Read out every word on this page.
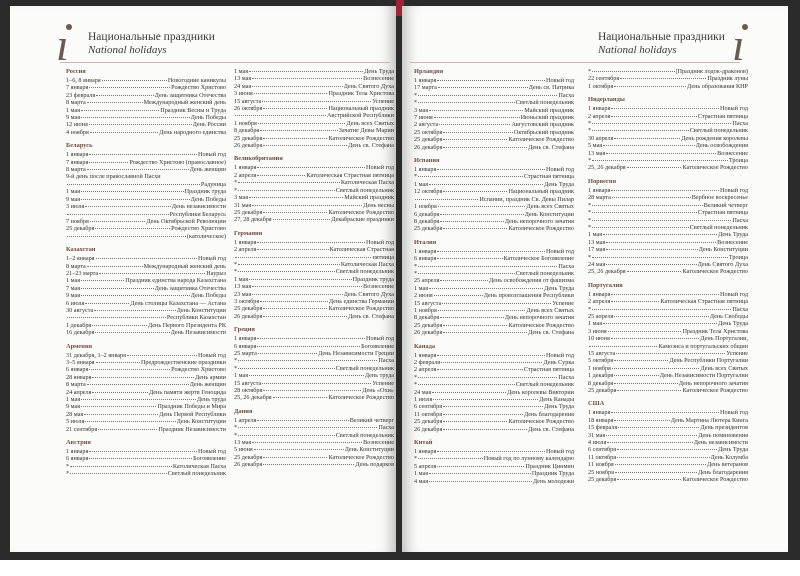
ı Национальные праздники
National holidays
Россия
1–6, 8 января	Новогодние каникулы
7 января	Рождество Христово
23 февраля	День защитника Отечества
8 марта	Международный женский день
1 мая	Праздник Весны и Труда
9 мая	День Победы
12 июня	День России
4 ноября	День народного единства
Беларусь
1 января	Новый год
7 января	Рождество Христово (православное)
8 марта	День женщин
9-й день после православной Пасхи
Радуница
1 мая	Праздник труда
9 мая	День Победы
3 июля	День независимости
Республики Беларусь
7 ноября	День Октябрьской Революции
25 декабря	Рождество Христово
(католическое)
Казахстан
1–2 января	Новый год
8 марта	Международный женский день
21–23 марта	Наурыз
1 мая	Праздник единства народа Казахстана
7 мая	День защитника Отечества
9 мая	День Победы
6 июля	День столицы Казахстана — Астана
30 августа	День Конституции
Республики Казахстан
1 декабря	День Первого Президента РК
16 декабря	День Независимости
Армения
31 декабря, 1–2 января	Новый год
3–5 января	Предрождественские праздники
6 января	Рождество Христово
28 января	День армии
8 марта	День женщин
24 апреля	День памяти жертв Геноцида
1 мая	День труда
9 мая	Праздник Победы и Мира
28 мая	День Первой Республики
5 июля	День Конституции
21 сентября	Праздник Независимости
Австрия
1 января	Новый год
6 января	Богоявление
*	Католическая Пасха
*	Светлый понедельник
1 мая	День Труда
13 мая	Вознесение
24 мая	День Святого Духа
3 июня	Праздник Тела Христова
15 августа	Успение
26 октября	Национальный праздник
Австрийской Республики
1 ноября	День всех Святых
8 декабря	Зачатие Девы Марии
25 декабря	Католическое Рождество
26 декабря	День св. Стефана
Великобритания
1 января	Новый год
2 апреля	Католическая Страстная пятница
*	Католическая Пасха
*	Светлый понедельник
3 мая	Майский праздник
31 мая	День весны
25 декабря	Католическое Рождество
27, 28 декабря	Декабрьские праздники
Германия
1 января	Новый год
2 апреля	Католическая Страстная
пятница
*	Католическая Пасха
*	Светлый понедельник
1 мая	Праздник труда
13 мая	Вознесение
23 мая	День Святого Духа
3 октября	День единства Германии
25 декабря	Католическое Рождество
26 декабря	День св. Стефана
Греция
1 января	Новый год
6 января	Богоявление
25 марта	День Независимости Греции
*	Пасха
*	Светлый понедельник
1 мая	День труда
15 августа	Успение
28 октября	День «Охи»
25, 26 декабря	Католическое Рождество
Дания
1 апреля	Великий четверг
*	Пасха
*	Светлый понедельник
13 мая	Вознесение
5 июня	День Конституции
25 декабря	Католическое Рождество
26 декабря	День подарков
ı
Национальные праздники
National holidays
Ирландия
1 января	Новый год
17 марта	День св. Патрика
*	Пасха
*	Светлый понедельник
3 мая	Майский праздник
7 июня	Июньский праздник
2 августа	Августовский праздник
25 октября	Октябрьский праздник
25 декабря	Католическое Рождество
26 декабря	День св. Стефана
Испания
1 января	Новый год
*	Страстная пятница
1 мая	День Труда
12 октября	Национальный праздник
Испании, праздник Св. Девы Пилар
1 ноября	День всех Святых
6 декабря	День Конституции
8 декабря	День непорочного зачатия
25 декабря	Католическое Рождество
Италия
1 января	Новый год
6 января	Католическое Богоявление
*	Пасха
*	Светлый понедельник
25 апреля	День освобождения от фашизма
1 мая	День Труда
2 июня	День провозглашения Республики
15 августа	Успение
1 ноября	День всех Святых
8 декабря	День непорочного зачатия
25 декабря	Католическое Рождество
26 декабря	День св. Стефана
Канада
1 января	Новый год
2 февраля	День Сурка
2 апреля	Страстная пятница
*	Пасха
*	Светлый понедельник
24 мая	День королевы Виктории
1 июля	День Канады
6 сентября	День Труда
11 октября	День благодарения
25 декабря	Католическое Рождество
26 декабря	День св. Стефана
Китай
1 января	Новый год
*	Новый год по лунному календарю
5 апреля	Праздник Цинмин
1 мая	Праздник Труда
4 мая	День молодежи
*	(Праздник лодок-драконов)
22 сентября	Праздник луны
1 октября	День образования КНР
Нидерланды
1 января	Новый год
2 апреля	Страстная пятница
*	Пасха
*	Светлый понедельник
30 апреля	День рождения королевы
5 мая	День освобождения
13 мая	Вознесение
*	Троица
25, 26 декабря	Католическое Рождество
Норвегия
1 января	Новый год
28 марта	Вербное воскресенье
*	Великий четверг
*	Страстная пятница
*	Пасха
*	Светлый понедельник
1 мая	День Труда
13 мая	Вознесение
17 мая	День Конституции
*	Троица
24 мая	День Святого Духа
25, 26 декабря	Католическое Рождество
Португалия
1 января	Новый год
2 апреля	Католическая Страстная пятница
*	Пасха
25 апреля	День Свободы
1 мая	День Труда
3 июня	Праздник Тела Христова
10 июня	День Португалии,
Камоэнса и португальских общин
15 августа	Успение
5 октября	День Республики Португалии
1 ноября	День всех Святых
1 декабря	День Независимости Португалии
8 декабря	День непорочного зачатия
25 декабря	Католическое Рождество
США
1 января	Новый год
18 января	День Мартина Лютера Кинга
15 февраля	День президентов
31 мая	День поминовения
4 июля	День независимости
6 сентября	День Труда
11 октября	День Колумба
11 ноября	День ветеранов
25 ноября	День благодарения
25 декабря	Католическое Рождество
